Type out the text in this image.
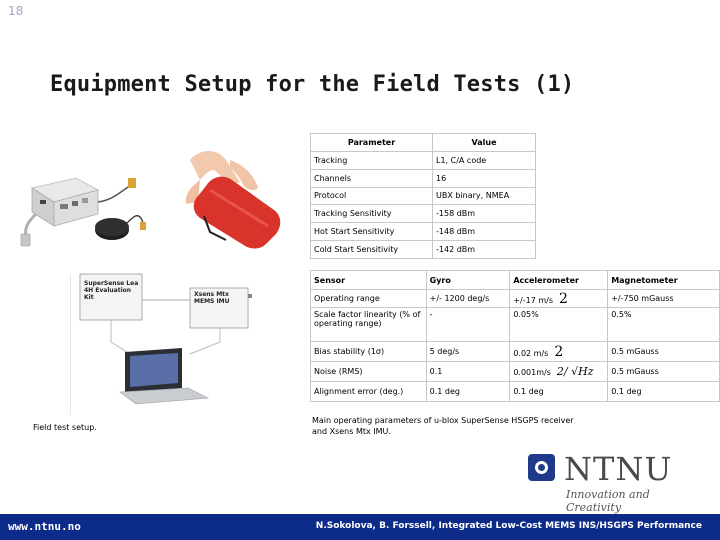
18
Equipment Setup for the Field Tests (1)
SuperSense Lea 4H Evaluation Kit	Xsens Mtx MEMS IMU
Parameter	Value
Tracking	L1, C/A code
Channels	16
Protocol	UBX binary, NMEA
Tracking Sensitivity	-158 dBm
Hot Start Sensitivity	-148 dBm
Cold Start Sensitivity	-142 dBm
Sensor	Gyro	Accelerometer	Magnetometer
Operating range	+/- 1200 deg/s	+/-17 m/s 2	+/-750 mGauss
Scale factor linearity (% of operating range)	-	0.05%	0.5%
Bias stability (1σ)	5 deg/s	0.02 m/s 2	0.5 mGauss
Noise (RMS)	0.1	0.001m/s 2/ √Hz	0.5 mGauss
Alignment error (deg.)	0.1 deg	0.1 deg	0.1 deg
Field test setup.
Main operating parameters of u-blox SuperSense HSGPS receiver and Xsens Mtx IMU.
NTNU
Innovation and Creativity
www.ntnu.no	N.Sokolova, B. Forssell, Integrated Low-Cost MEMS INS/HSGPS Performance
